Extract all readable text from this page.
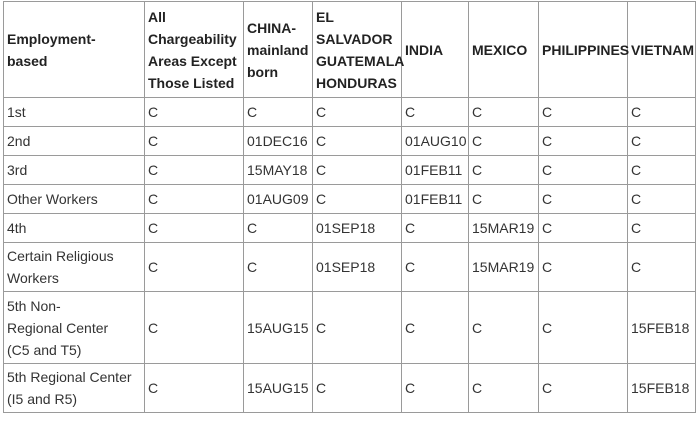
Employment-
based	All
Chargeability
Areas Except
Those Listed	CHINA-
mainland
born	EL
SALVADOR
GUATEMALA
HONDURAS	INDIA	MEXICO	PHILIPPINES	VIETNAM
1st	C	C	C	C	C	C	C
2nd	C	01DEC16	C	01AUG10	C	C	C
3rd	C	15MAY18	C	01FEB11	C	C	C
Other Workers	C	01AUG09	C	01FEB11	C	C	C
4th	C	C	01SEP18	C	15MAR19	C	C
Certain Religious
Workers	C	C	01SEP18	C	15MAR19	C	C
5th Non-
Regional Center
(C5 and T5)	C	15AUG15	C	C	C	C	15FEB18
5th Regional Center
(I5 and R5)	C	15AUG15	C	C	C	C	15FEB18
